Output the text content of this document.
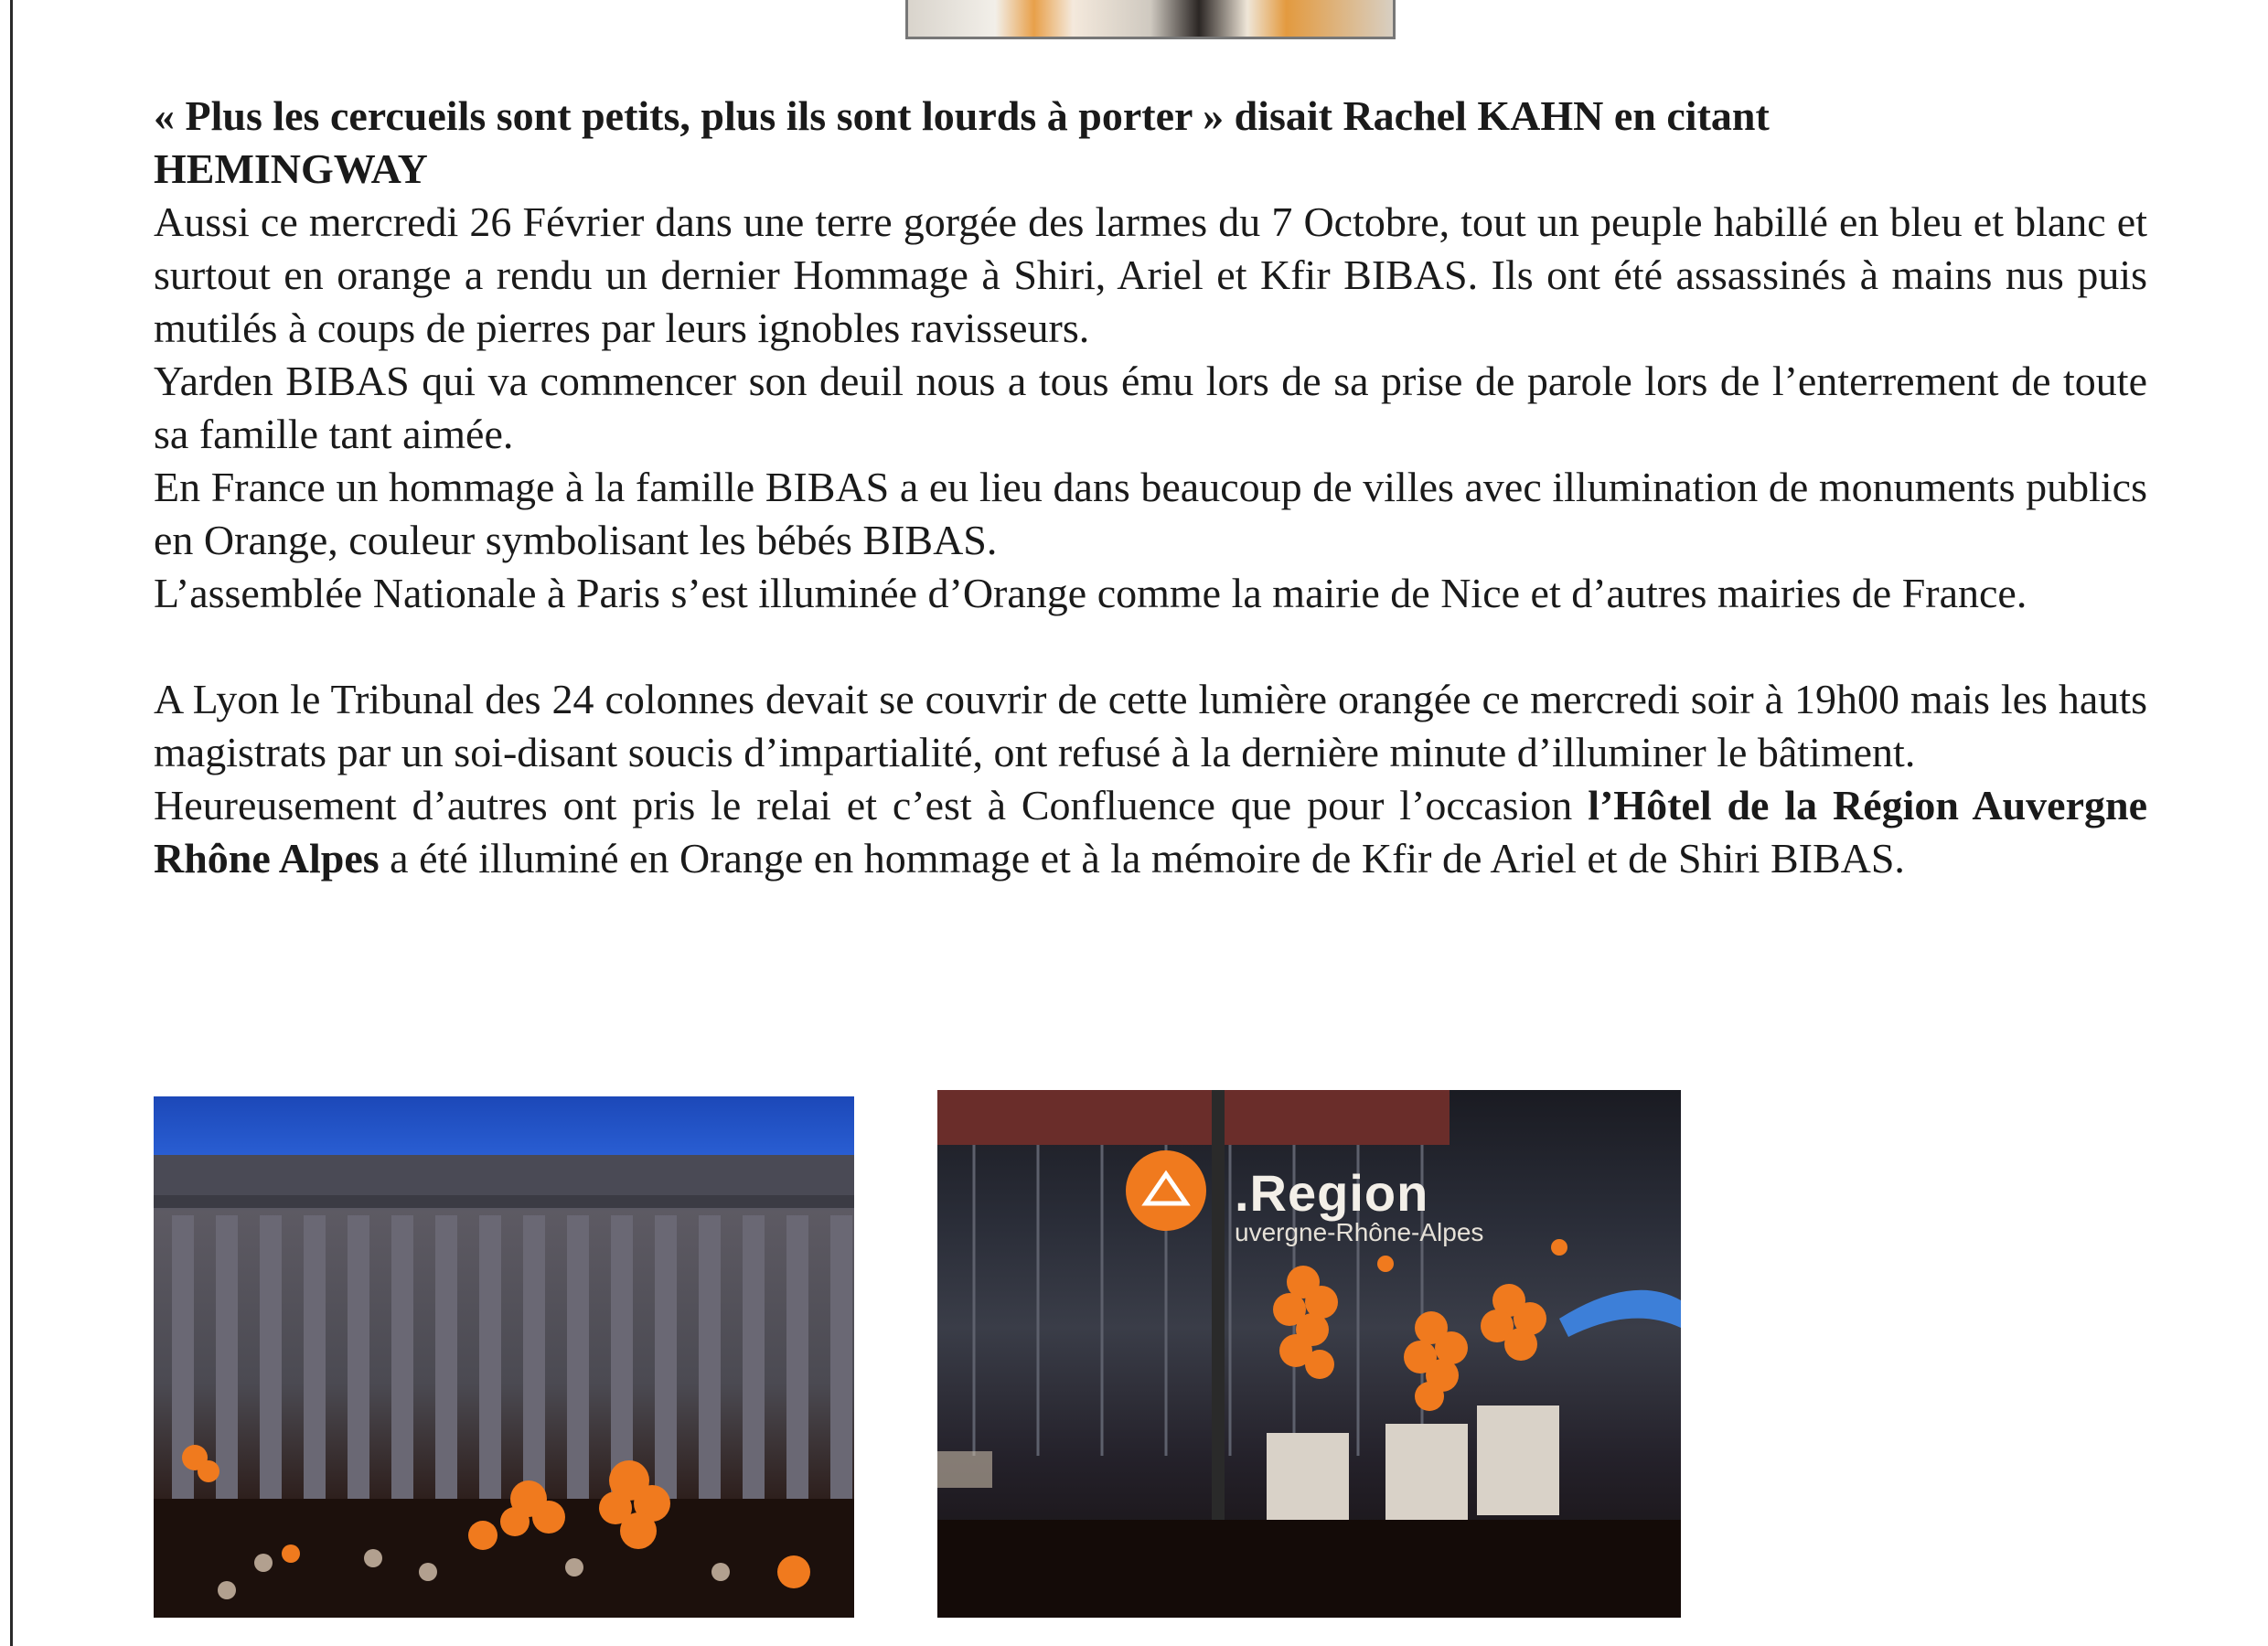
« Plus les cercueils sont petits, plus ils sont lourds à porter » disait Rachel KAHN en citant
HEMINGWAY

Aussi ce mercredi 26 Février dans une terre gorgée des larmes du 7 Octobre, tout un peuple habillé en bleu et blanc et surtout en orange a rendu un dernier Hommage à Shiri, Ariel et Kfir BIBAS. Ils ont été assassinés à mains nus puis mutilés à coups de pierres par leurs ignobles ravisseurs.

Yarden BIBAS qui va commencer son deuil nous a tous ému lors de sa prise de parole lors de l’enterrement de toute sa famille tant aimée.

En France un hommage à la famille BIBAS a eu lieu dans beaucoup de villes avec illumination de monuments publics en Orange, couleur symbolisant les bébés BIBAS.

L’assemblée Nationale à Paris s’est illuminée d’Orange comme la mairie de Nice et d’autres mairies de France.

A Lyon le Tribunal des 24 colonnes devait se couvrir de cette lumière orangée ce mercredi soir à 19h00 mais les hauts magistrats par un soi-disant soucis d’impartialité, ont refusé à la dernière minute d’illuminer le bâtiment.

Heureusement d’autres ont pris le relai et c’est à Confluence que pour l’occasion l’Hôtel de la Région Auvergne Rhône Alpes a été illuminé en Orange en hommage et à la mémoire de Kfir de Ariel et de Shiri BIBAS.

.Region
uvergne-Rhône-Alpes
